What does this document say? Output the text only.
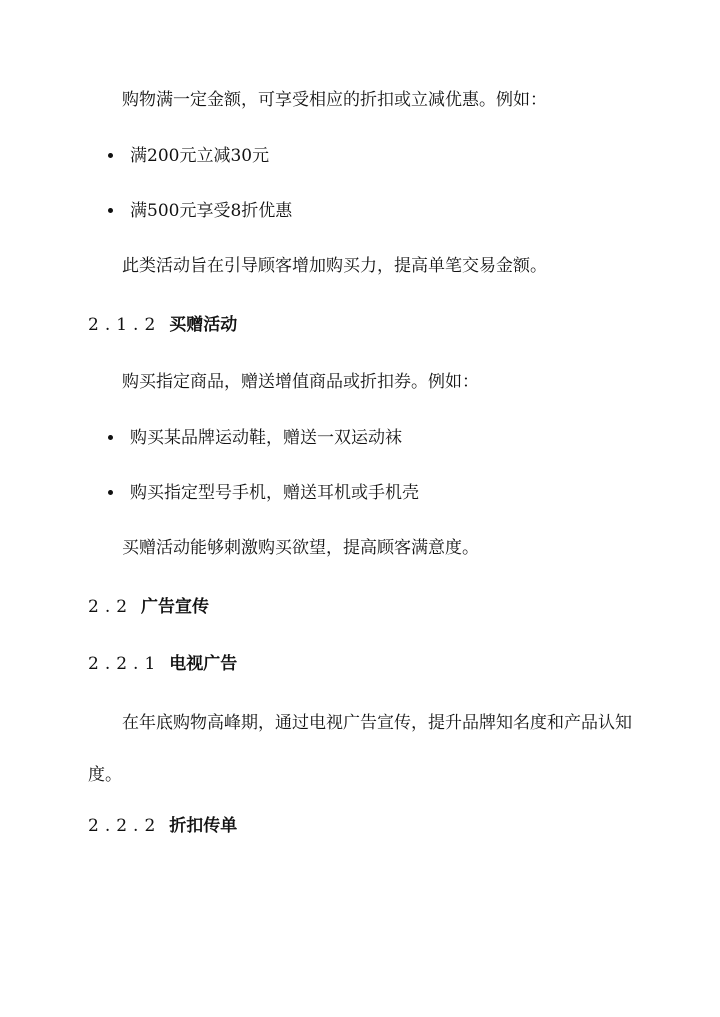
购物满一定金额，可享受相应的折扣或立减优惠。例如：
满200元立减30元
满500元享受8折优惠
此类活动旨在引导顾客增加购买力，提高单笔交易金额。
2.1.2 买赠活动
购买指定商品，赠送增值商品或折扣券。例如：
购买某品牌运动鞋，赠送一双运动袜
购买指定型号手机，赠送耳机或手机壳
买赠活动能够刺激购买欲望，提高顾客满意度。
2.2 广告宣传
2.2.1 电视广告
在年底购物高峰期，通过电视广告宣传，提升品牌知名度和产品认知度。
2.2.2 折扣传单
